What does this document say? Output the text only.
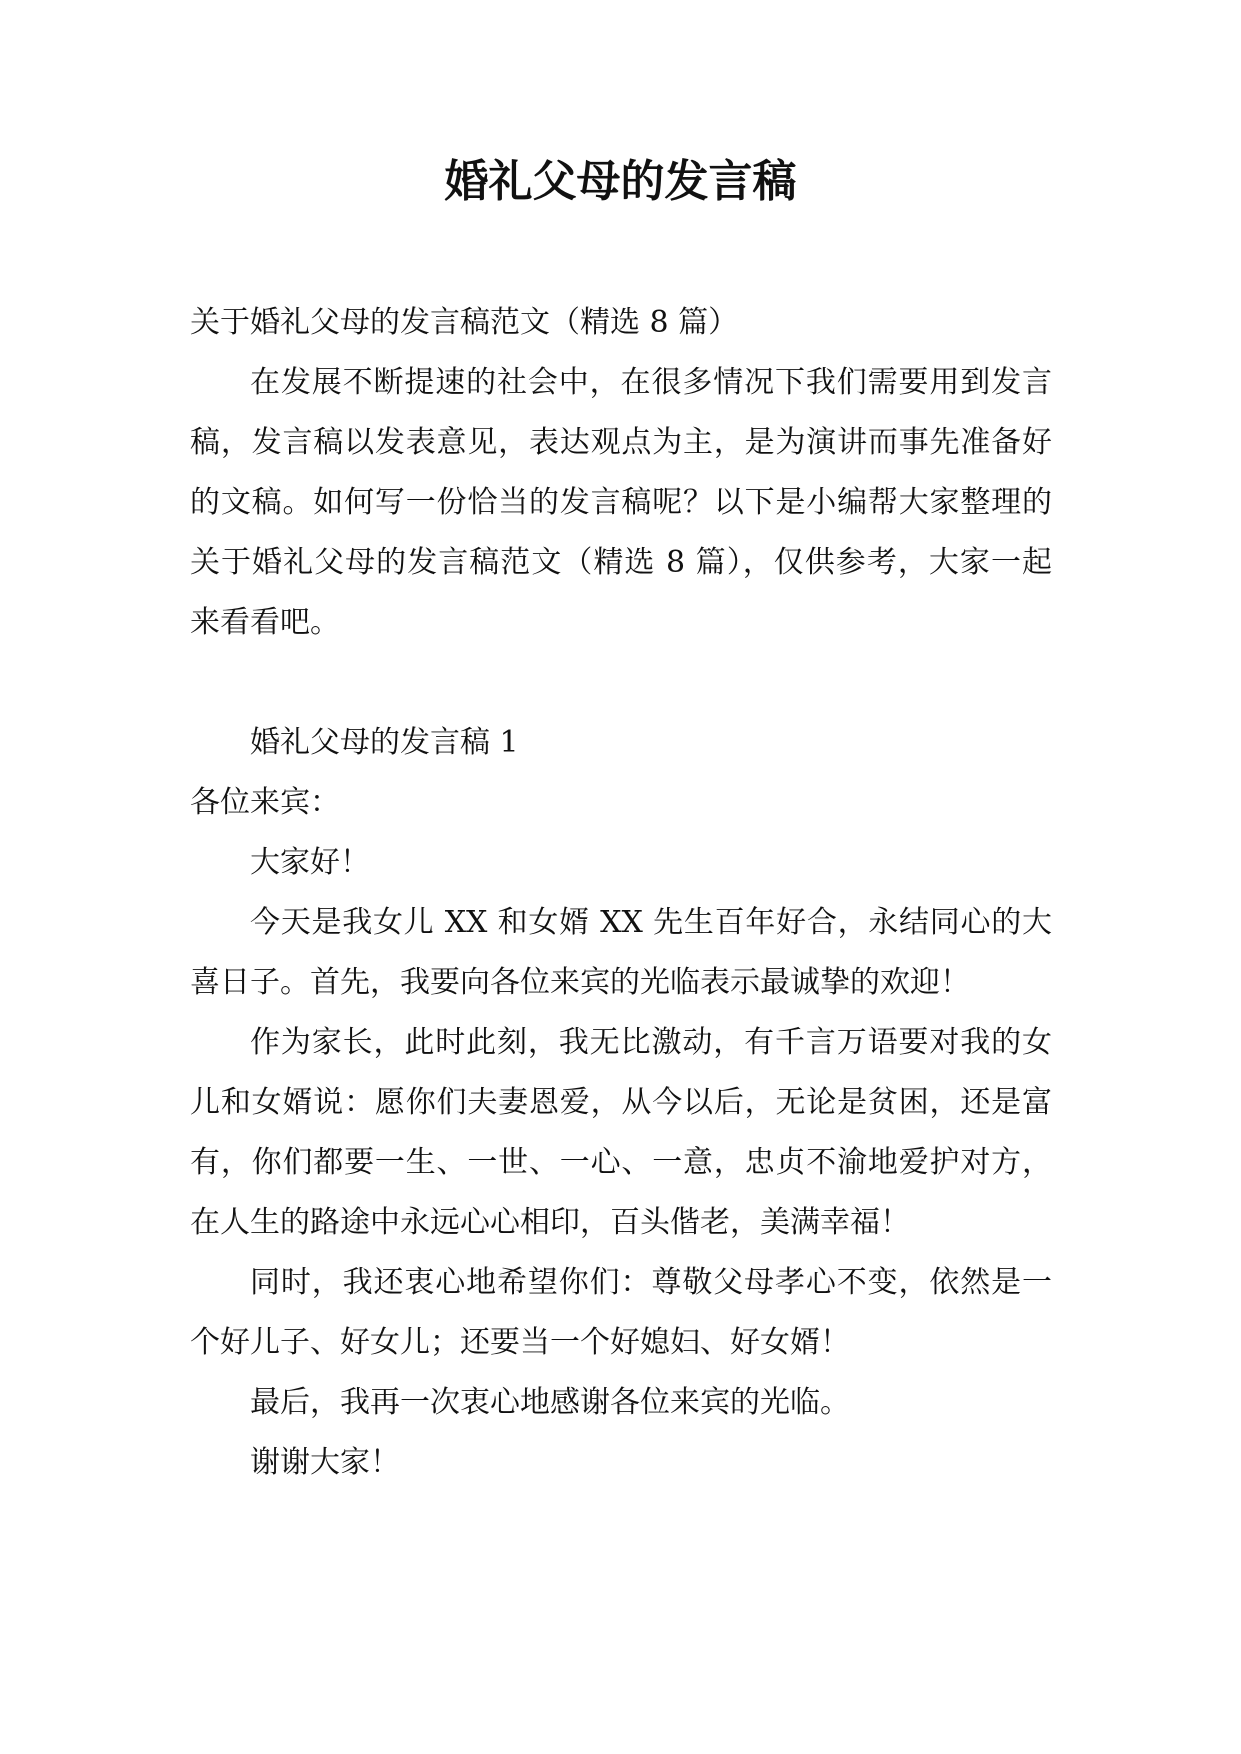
婚礼父母的发言稿

关于婚礼父母的发言稿范文（精选 8 篇）

在发展不断提速的社会中，在很多情况下我们需要用到发言稿，发言稿以发表意见，表达观点为主，是为演讲而事先准备好的文稿。如何写一份恰当的发言稿呢？以下是小编帮大家整理的关于婚礼父母的发言稿范文（精选 8 篇），仅供参考，大家一起来看看吧。

婚礼父母的发言稿 1

各位来宾：

大家好！

今天是我女儿 XX 和女婿 XX 先生百年好合，永结同心的大喜日子。首先，我要向各位来宾的光临表示最诚挚的欢迎！

作为家长，此时此刻，我无比激动，有千言万语要对我的女儿和女婿说：愿你们夫妻恩爱，从今以后，无论是贫困，还是富有，你们都要一生、一世、一心、一意，忠贞不渝地爱护对方，在人生的路途中永远心心相印，百头偕老，美满幸福！

同时，我还衷心地希望你们：尊敬父母孝心不变，依然是一个好儿子、好女儿；还要当一个好媳妇、好女婿！

最后，我再一次衷心地感谢各位来宾的光临。

谢谢大家！
